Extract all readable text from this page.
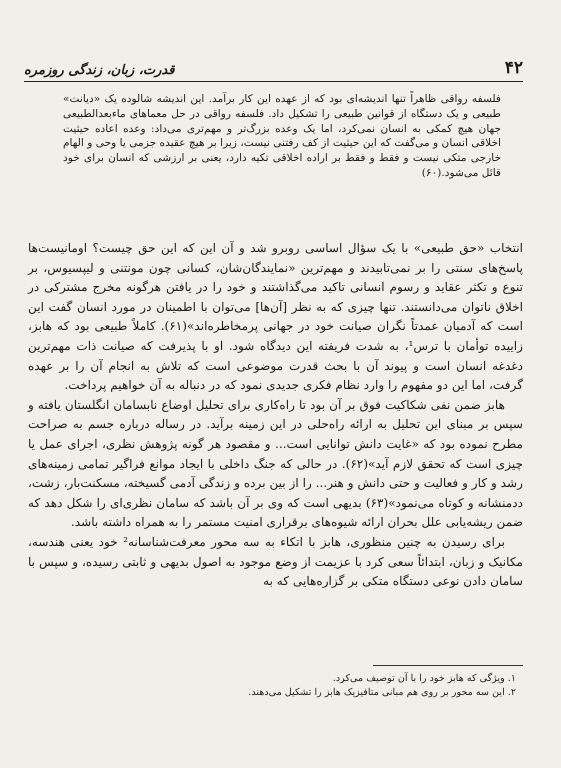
۴۲
قدرت، زبان، زندگی روزمره
فلسفه رواقی ظاهراً تنها اندیشه‌ای بود که از عهده این کار برآمد. این اندیشه شالوده یک «دیانت» طبیعی و یک دستگاه از قوانین طبیعی را تشکیل داد. فلسفه رواقی در حل معماهای ماءبعدالطبیعی جهان هیچ کمکی به انسان نمی‌کرد، اما یک وعده بزرگ‌تر و مهم‌تری می‌داد: وعده اعاده حیثیت اخلاقی انسان و می‌گفت که این حیثیت از کف رفتنی نیست، زیرا بر هیچ عقیده جزمی یا وحی و الهام خارجی متکی نیست و فقط و فقط بر اراده اخلاقی تکیه دارد، یعنی بر ارزشی که انسان برای خود قائل می‌شود.(۶۰)

انتخاب «حق طبیعی» با یک سؤال اساسی روبرو شد و آن این که این حق چیست؟ اومانیست‌ها پاسخ‌های سنتی را بر نمی‌تابیدند و مهم‌ترین «نمایندگان‌شان، کسانی چون مونتنی و لیپسیوس، بر تنوع و تکثر عقاید و رسوم انسانی تاکید می‌گذاشتند و خود را در یافتن هرگونه مخرج مشترکی در اخلاق ناتوان می‌دانستند. تنها چیزی که به نظر [آن‌ها] می‌توان با اطمینان در مورد انسان گفت این است که آدمیان عمدتاً نگران صیانت خود در جهانی پرمخاطره‌اند»(۶۱). کاملاً طبیعی بود که هابز، زاییده توأمان با ترس¹، به شدت فریفته این دیدگاه شود. او با پذیرفت که صیانت ذات مهم‌ترین دغدغه انسان است و پیوند آن با بحث قدرت موضوعی است که تلاش به انجام آن را بر عهده گرفت، اما این دو مفهوم را وارد نظام فکری جدیدی نمود که در دنباله به آن خواهیم پرداخت.

هابز ضمن نفی شکاکیت فوق بر آن بود تا راه‌کاری برای تحلیل اوضاع نابسامان انگلستان یافته و سپس بر مبنای این تحلیل به ارائه راه‌حلی در این زمینه برآید. در رساله درباره جسم به صراحت مطرح نموده بود که «غایت دانش توانایی است... و مقصود هر گونه پژوهش نظری، اجرای عمل یا چیزی است که تحقق لازم آید»(۶۲). در حالی که جنگ داخلی با ایجاد موانع فراگیر تمامی زمینه‌های رشد و کار و فعالیت و حتی دانش و هنر... را از بین برده و زندگی آدمی گسیخته، مسکنت‌بار، زشت، ددمنشانه و کوتاه می‌نمود»(۶۳) بدیهی است که وی بر آن باشد که سامان نظری‌ای را شکل دهد که ضمن ریشه‌یابی علل بحران ارائه شیوه‌های برقراری امنیت مستمر را به همراه داشته باشد.

برای رسیدن به چنین منظوری، هابز با اتکاء به سه محور معرفت‌شناسانه² خود یعنی هندسه، مکانیک و زبان، ابتدائاً سعی کرد با عزیمت از وضع موجود به اصول بدیهی و ثابتی رسیده، و سپس با سامان دادن نوعی دستگاه متکی بر گزاره‌هایی که به

۱. ویژگی که هابز خود را با آن توصیف می‌کرد.
۲. این سه محور بر روی هم مبانی متافیزیک هابز را تشکیل می‌دهند.
